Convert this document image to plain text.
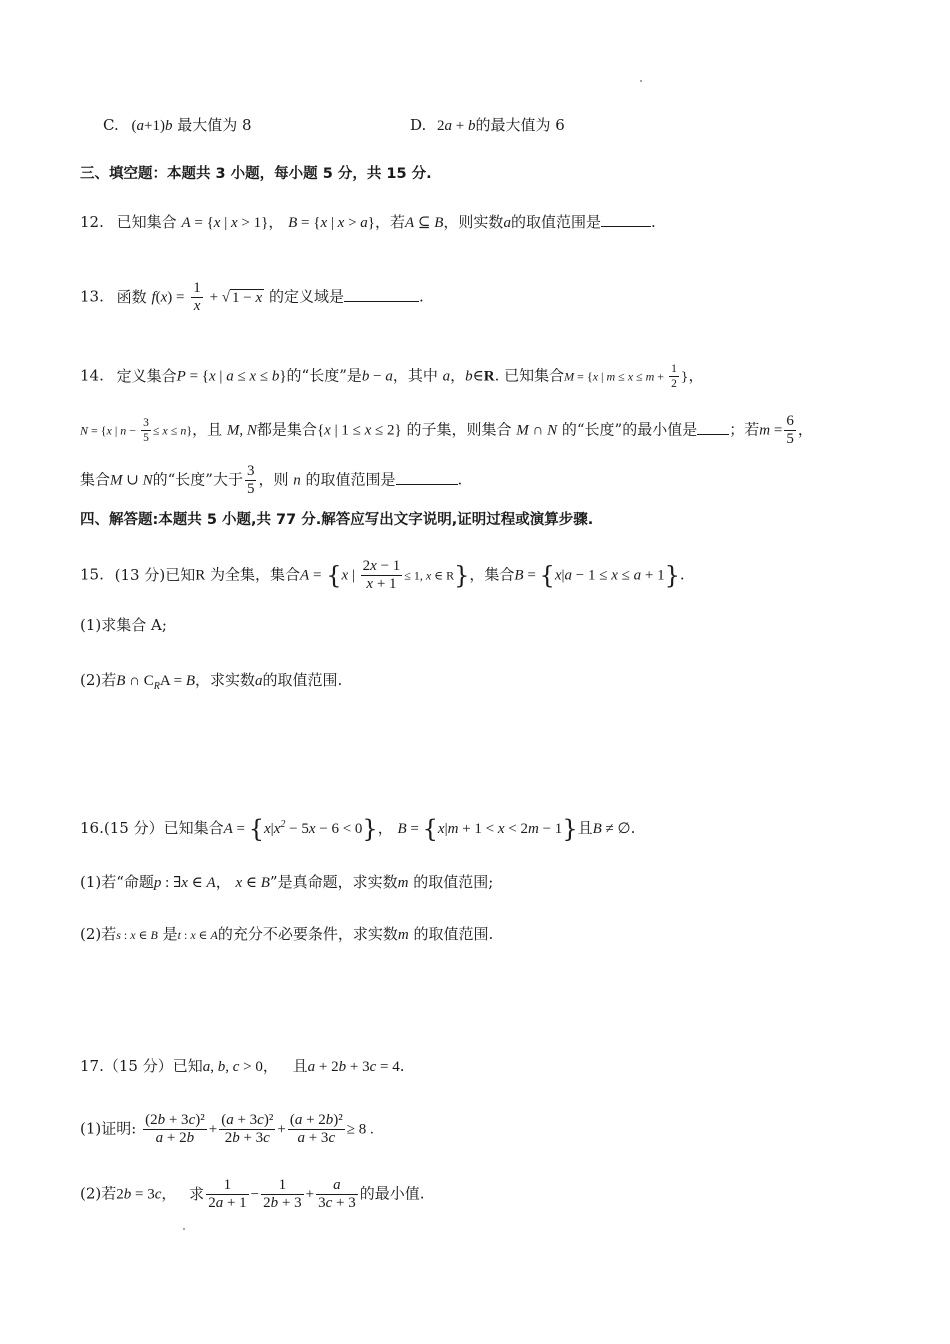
C. (a+1)b 最大值为 8	D. 2a + b的最大值为 6
三、填空题：本题共 3 小题，每小题 5 分，共 15 分.
12. 已知集合 A = {x | x > 1}， B = {x | x > a}，若A ⊆ B，则实数a的取值范围是	.
13. 函数 $f(x) = \frac{1}{x}$ + √ 1 − x 的定义域是	.
14. 定义集合P = {x | a ≤ x ≤ b}的“长度”是b − a，其中 a，b∈R. 已知集合M = {x | $m \le x \le m + \frac{1}{2}$ }，
N = {x | $n - \frac{3}{5} \le x \le n$}，且 M, N都是集合{x | 1 ≤ x ≤ 2} 的子集，则集合 M ∩ N 的“长度”的最小值是 ；若$m = \frac{6}{5}$ ，
集合M ∪ N的“长度”大于 $\frac{3}{5}$ ，则 n 的取值范围是	.
四、解答题:本题共 5 小题,共 77 分.解答应写出文字说明,证明过程或演算步骤.
15. (13 分)已知R 为全集，集合A = {x | $\frac{2x - 1}{x + 1} \le 1$, x ∈ R}，集合B = {x|a − 1 ≤ x ≤ a + 1}.
(1)求集合 A;
(2)若B ∩ $C_RA = B$，求实数a的取值范围.
16.(15 分）已知集合$A = \{x|x^2 - 5x - 6 < 0\}$， B = {x|m + 1 < x < 2m − 1}且B ≠ ∅.
(1)若“命题p : ∃x ∈ A， x ∈ B”是真命题，求实数m 的取值范围;
(2)若s : x ∈ B 是t : x ∈ A的充分不必要条件，求实数m 的取值范围.
17.（15 分）已知a, b, c > 0， 且a + 2b + 3c = 4.
(1)证明: $\frac{\text{(2b + 3c)²}}{a + 2b} + \frac{\text{(a + 3c)²}}{2b + 3c} + \frac{\text{(a + 2b)²}}{a + 3c} \ge 8$ .
(2)若2b = 3c， 求 $\frac{1}{2a + 1} - \frac{1}{2b + 3} + \frac{a}{3c + 3}$ 的最小值.
